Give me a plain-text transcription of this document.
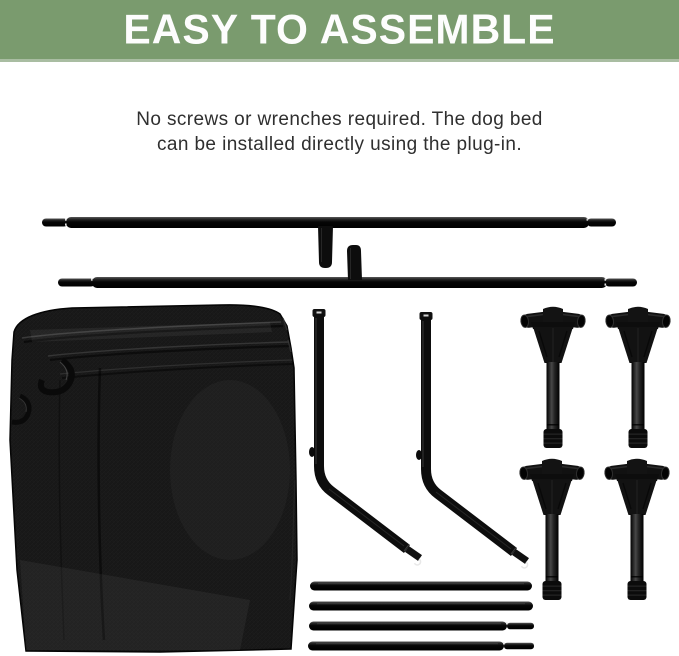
EASY TO ASSEMBLE
No screws or wrenches required. The dog bed
can be installed directly using the plug-in.
